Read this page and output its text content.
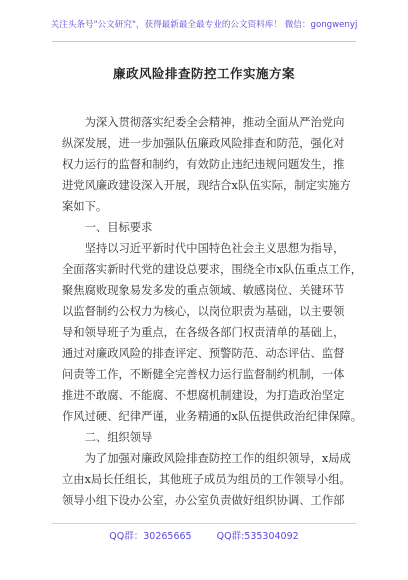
关注头条号"公文研究"，获得最新最全最专业的公文资料库！ 微信：gongwenyj
廉政风险排查防控工作实施方案
为深入贯彻落实纪委全会精神，推动全面从严治党向
纵深发展，进一步加强队伍廉政风险排查和防范，强化对
权力运行的监督和制约，有效防止违纪违规问题发生，推
进党风廉政建设深入开展，现结合x队伍实际，制定实施方
案如下。
一、目标要求
坚持以习近平新时代中国特色社会主义思想为指导，
全面落实新时代党的建设总要求，围绕全市x队伍重点工作，
聚焦腐败现象易发多发的重点领域、敏感岗位、关键环节
以监督制约公权力为核心，以岗位职责为基础，以主要领
导和领导班子为重点，在各级各部门权责清单的基础上，
通过对廉政风险的排查评定、预警防范、动态评估、监督
问责等工作，不断健全完善权力运行监督制约机制，一体
推进不敢腐、不能腐、不想腐机制建设，为打造政治坚定
作风过硬、纪律严谨，业务精通的x队伍提供政治纪律保障。
二、组织领导
为了加强对廉政风险排查防控工作的组织领导，x局成
立由x局长任组长，其他班子成员为组员的工作领导小组。
领导小组下设办公室，办公室负责做好组织协调、工作部
QQ群：30265665	QQ群:535304092
